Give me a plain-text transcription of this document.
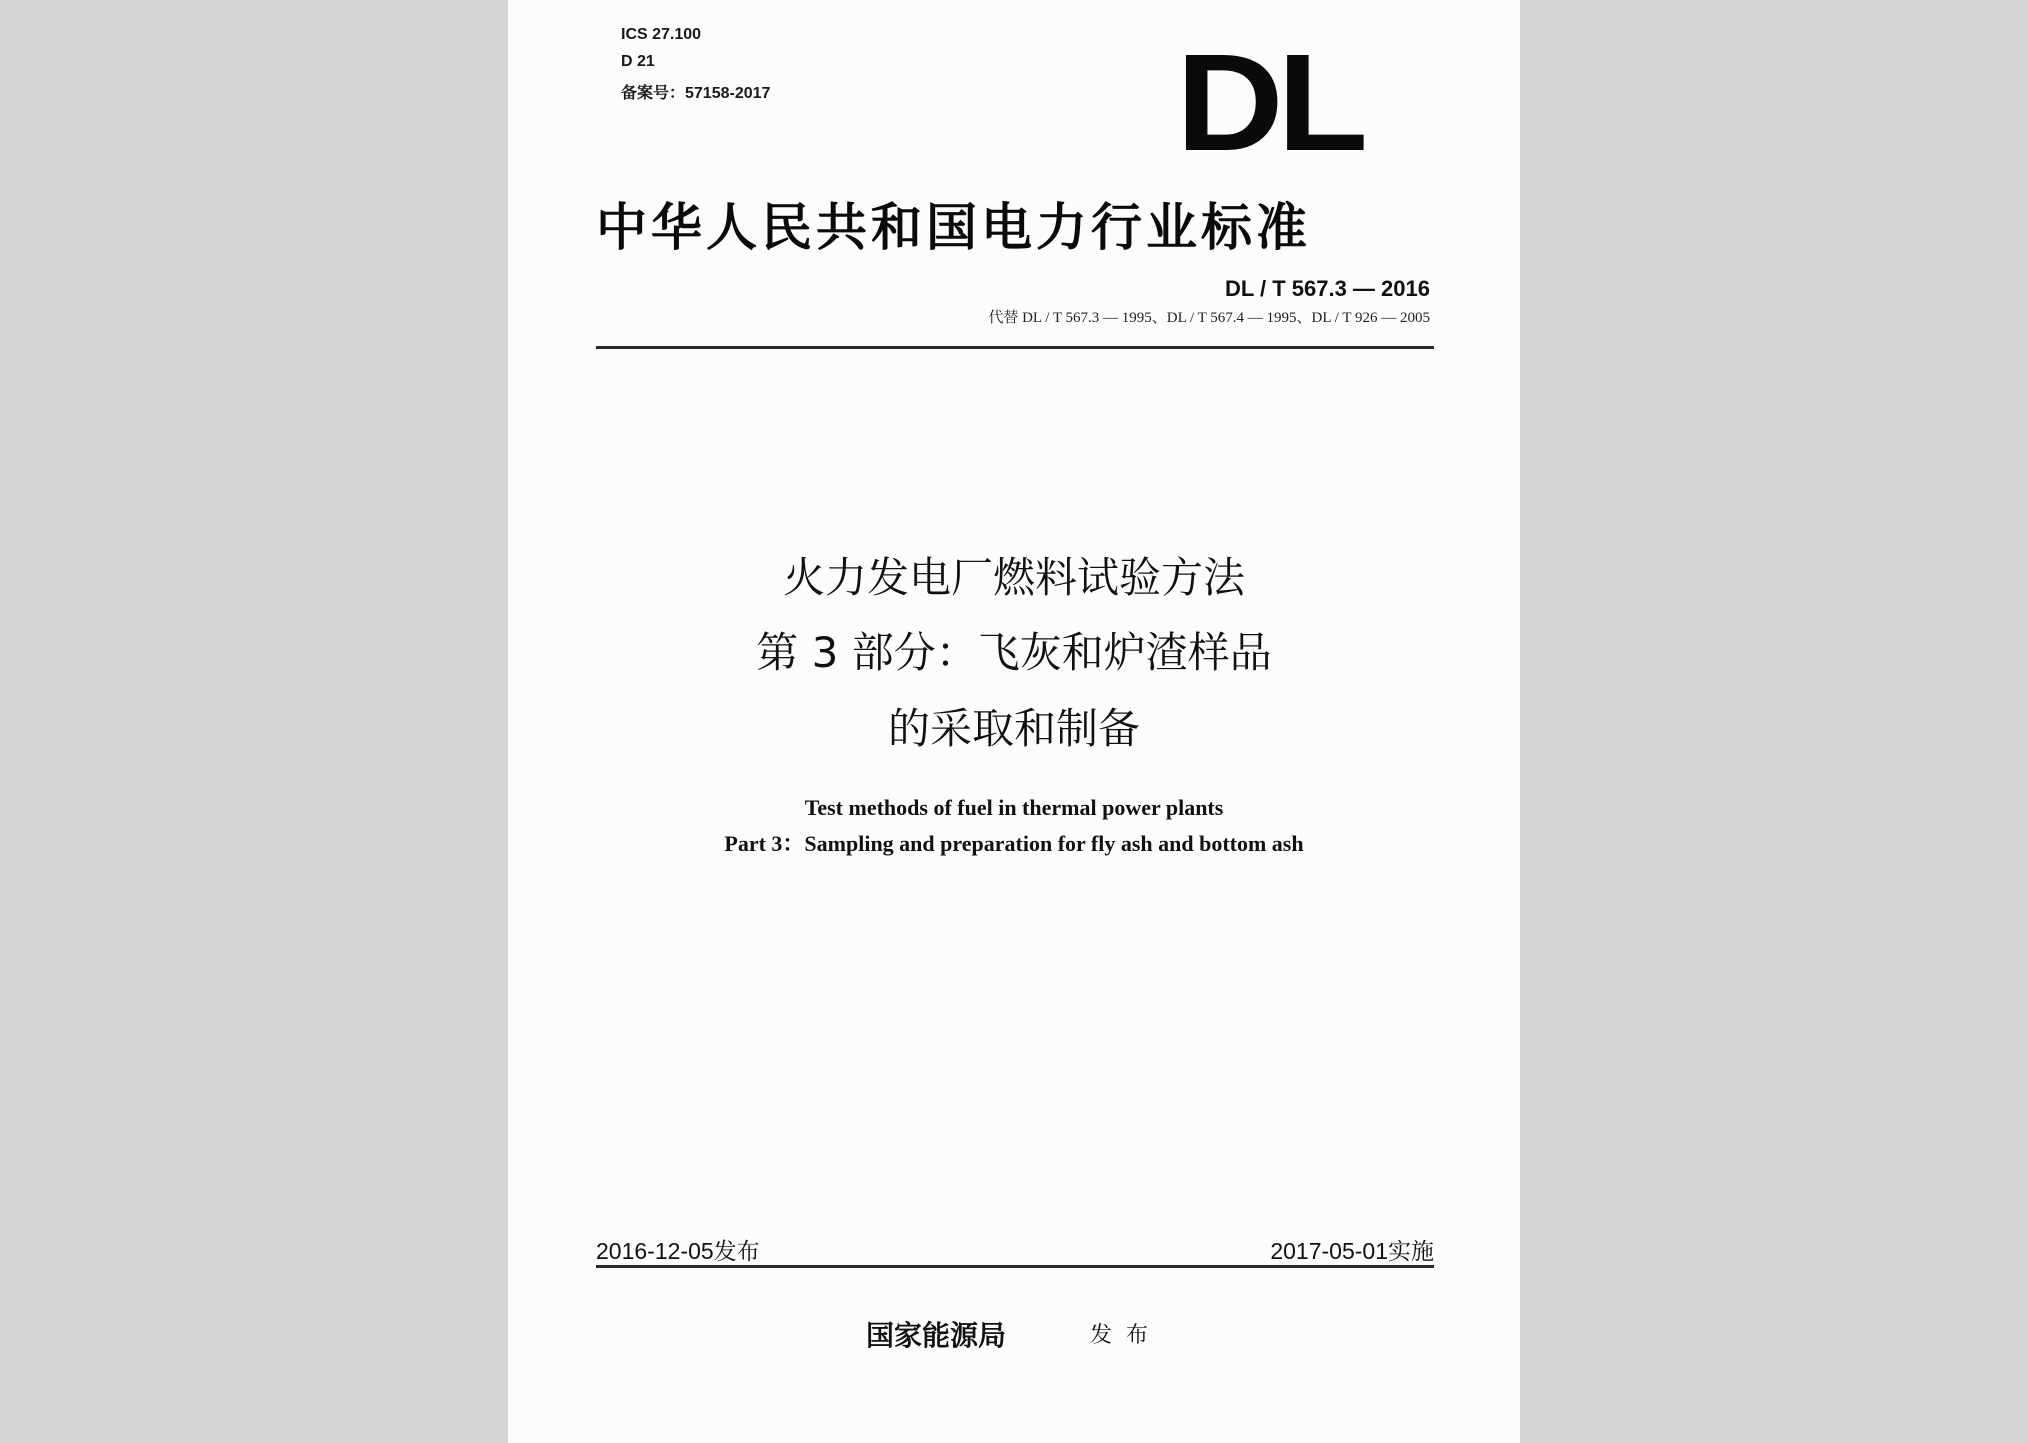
ICS 27.100
D 21
备案号：57158-2017	DL
中华人民共和国电力行业标准
DL / T 567.3 — 2016
代替 DL / T 567.3 — 1995、DL / T 567.4 — 1995、DL / T 926 — 2005
火力发电厂燃料试验方法
第 3 部分：飞灰和炉渣样品
的采取和制备
Test methods of fuel in thermal power plants
Part 3：Sampling and preparation for fly ash and bottom ash
2016-12-05发布	2017-05-01实施
国家能源局	发布
